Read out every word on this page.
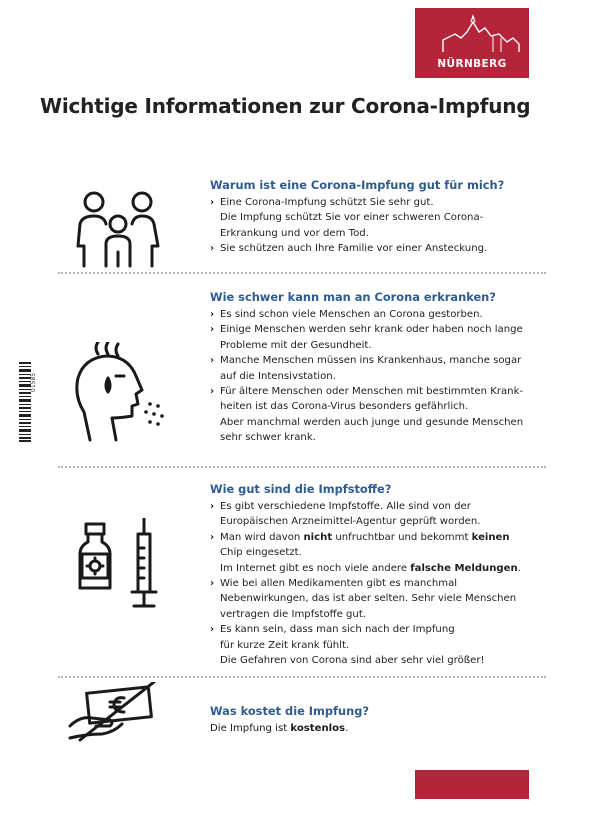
NÜRNBERG
Wichtige Informationen zur Corona-Impfung
01585
Warum ist eine Corona-Impfung gut für mich?
› Eine Corona-Impfung schützt Sie sehr gut.
Die Impfung schützt Sie vor einer schweren Corona-
Erkrankung und vor dem Tod.
› Sie schützen auch Ihre Familie vor einer Ansteckung.
Wie schwer kann man an Corona erkranken?
› Es sind schon viele Menschen an Corona gestorben.
› Einige Menschen werden sehr krank oder haben noch lange
Probleme mit der Gesundheit.
› Manche Menschen müssen ins Krankenhaus, manche sogar
auf die Intensivstation.
› Für ältere Menschen oder Menschen mit bestimmten Krank-
heiten ist das Corona-Virus besonders gefährlich.
Aber manchmal werden auch junge und gesunde Menschen
sehr schwer krank.
Wie gut sind die Impfstoffe?
› Es gibt verschiedene Impfstoffe. Alle sind von der
Europäischen Arzneimittel-Agentur geprüft worden.
› Man wird davon nicht unfruchtbar und bekommt keinen
Chip eingesetzt.
Im Internet gibt es noch viele andere falsche Meldungen.
› Wie bei allen Medikamenten gibt es manchmal
Nebenwirkungen, das ist aber selten. Sehr viele Menschen
vertragen die Impfstoffe gut.
› Es kann sein, dass man sich nach der Impfung
für kurze Zeit krank fühlt.
Die Gefahren von Corona sind aber sehr viel größer!
Was kostet die Impfung?
Die Impfung ist kostenlos.
